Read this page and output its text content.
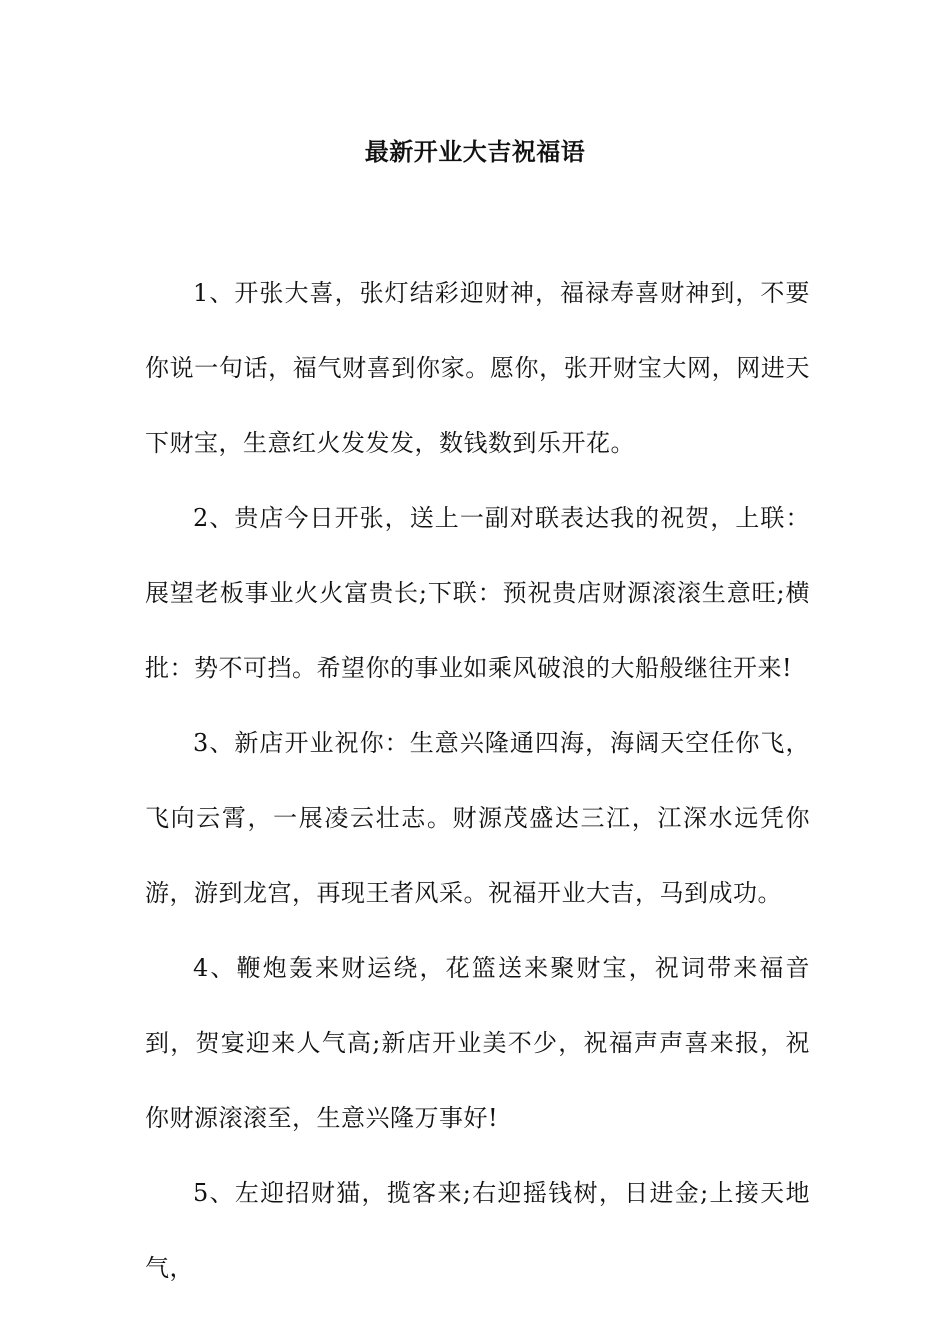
最新开业大吉祝福语

1、开张大喜，张灯结彩迎财神，福禄寿喜财神到，不要你说一句话，福气财喜到你家。愿你，张开财宝大网，网进天下财宝，生意红火发发发，数钱数到乐开花。

2、贵店今日开张，送上一副对联表达我的祝贺，上联：展望老板事业火火富贵长;下联：预祝贵店财源滚滚生意旺;横批：势不可挡。希望你的事业如乘风破浪的大船般继往开来!

3、新店开业祝你：生意兴隆通四海，海阔天空任你飞，飞向云霄，一展凌云壮志。财源茂盛达三江，江深水远凭你游，游到龙宫，再现王者风采。祝福开业大吉，马到成功。

4、鞭炮轰来财运绕，花篮送来聚财宝，祝词带来福音到，贺宴迎来人气高;新店开业美不少，祝福声声喜来报，祝你财源滚滚至，生意兴隆万事好!

5、左迎招财猫，揽客来;右迎摇钱树，日进金;上接天地气，
